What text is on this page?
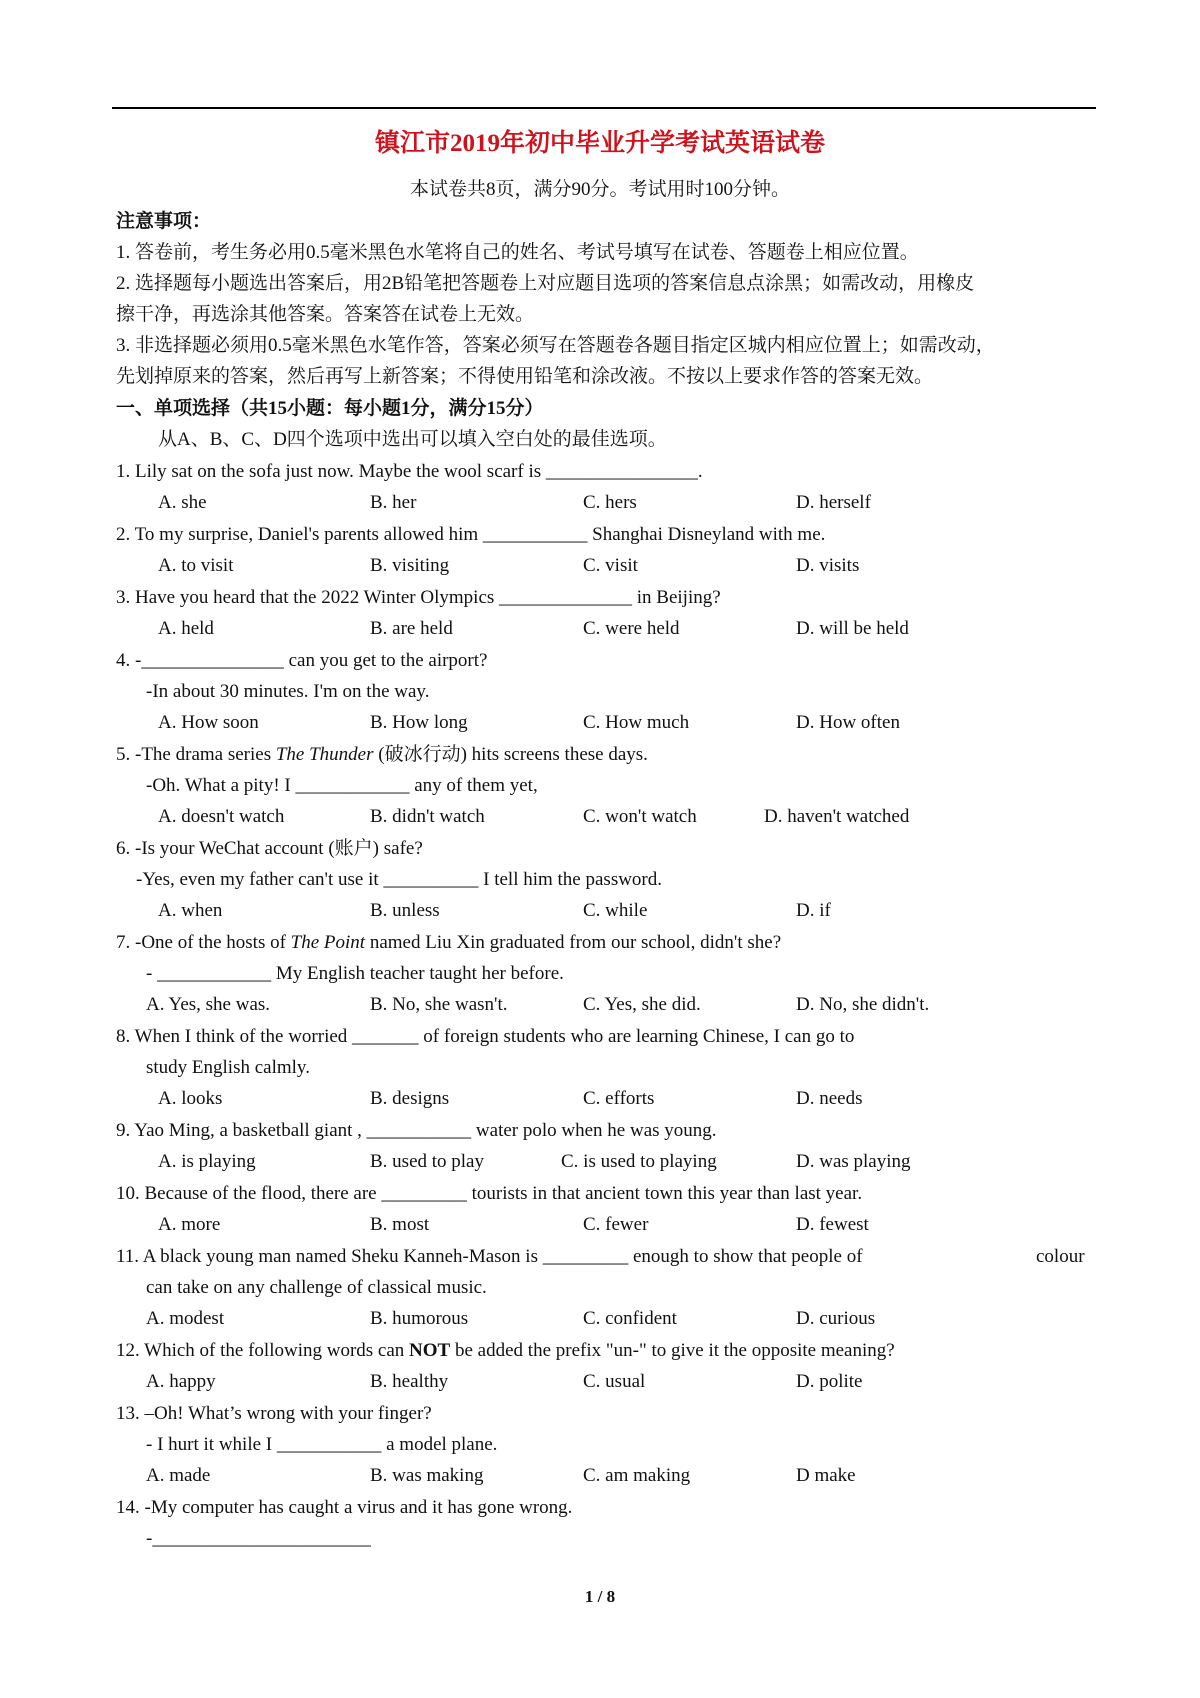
镇江市2019年初中毕业升学考试英语试卷
本试卷共8页，满分90分。考试用时100分钟。
注意事项：
1. 答卷前，考生务必用0.5毫米黑色水笔将自己的姓名、考试号填写在试卷、答题卷上相应位置。
2. 选择题每小题选出答案后，用2B铅笔把答题卷上对应题目选项的答案信息点涂黑；如需改动，用橡皮
擦干净，再选涂其他答案。答案答在试卷上无效。
3. 非选择题必须用0.5毫米黑色水笔作答，答案必须写在答题卷各题目指定区城内相应位置上；如需改动，
先划掉原来的答案，然后再写上新答案；不得使用铅笔和涂改液。不按以上要求作答的答案无效。
一、单项选择（共15小题：每小题1分，满分15分）
从A、B、C、D四个选项中选出可以填入空白处的最佳选项。
1. Lily sat on the sofa just now. Maybe the wool scarf is ________________.
A. she	B. her	C. hers	D. herself
2. To my surprise, Daniel's parents allowed him ___________ Shanghai Disneyland with me.
A. to visit	B. visiting	C. visit	D. visits
3. Have you heard that the 2022 Winter Olympics ______________ in Beijing?
A. held	B. are held	C. were held	D. will be held
4. -_______________ can you get to the airport?
-In about 30 minutes. I'm on the way.
A. How soon	B. How long	C. How much	D. How often
5. -The drama series The Thunder (破冰行动) hits screens these days.
-Oh. What a pity! I ____________ any of them yet,
A. doesn't watch	B. didn't watch	C. won't watch	D. haven't watched
6. -Is your WeChat account (账户) safe?
-Yes, even my father can't use it __________ I tell him the password.
A. when	B. unless	C. while	D. if
7. -One of the hosts of The Point named Liu Xin graduated from our school, didn't she?
- ____________ My English teacher taught her before.
A. Yes, she was.	B. No, she wasn't.	C. Yes, she did.	D. No, she didn't.
8. When I think of the worried _______ of foreign students who are learning Chinese, I can go to
study English calmly.
A. looks	B. designs	C. efforts	D. needs
9. Yao Ming, a basketball giant , ___________ water polo when he was young.
A. is playing	B. used to play	C. is used to playing	D. was playing
10. Because of the flood, there are _________ tourists in that ancient town this year than last year.
A. more	B. most	C. fewer	D. fewest
11. A black young man named Sheku Kanneh-Mason is _________ enough to show that people of	colour
can take on any challenge of classical music.
A. modest	B. humorous	C. confident	D. curious
12. Which of the following words can NOT be added the prefix "un-" to give it the opposite meaning?
A. happy	B. healthy	C. usual	D. polite
13. –Oh! What’s wrong with your finger?
- I hurt it while I ___________ a model plane.
A. made	B. was making	C. am making	D make
14. -My computer has caught a virus and it has gone wrong.
-_______________________
1 / 8
